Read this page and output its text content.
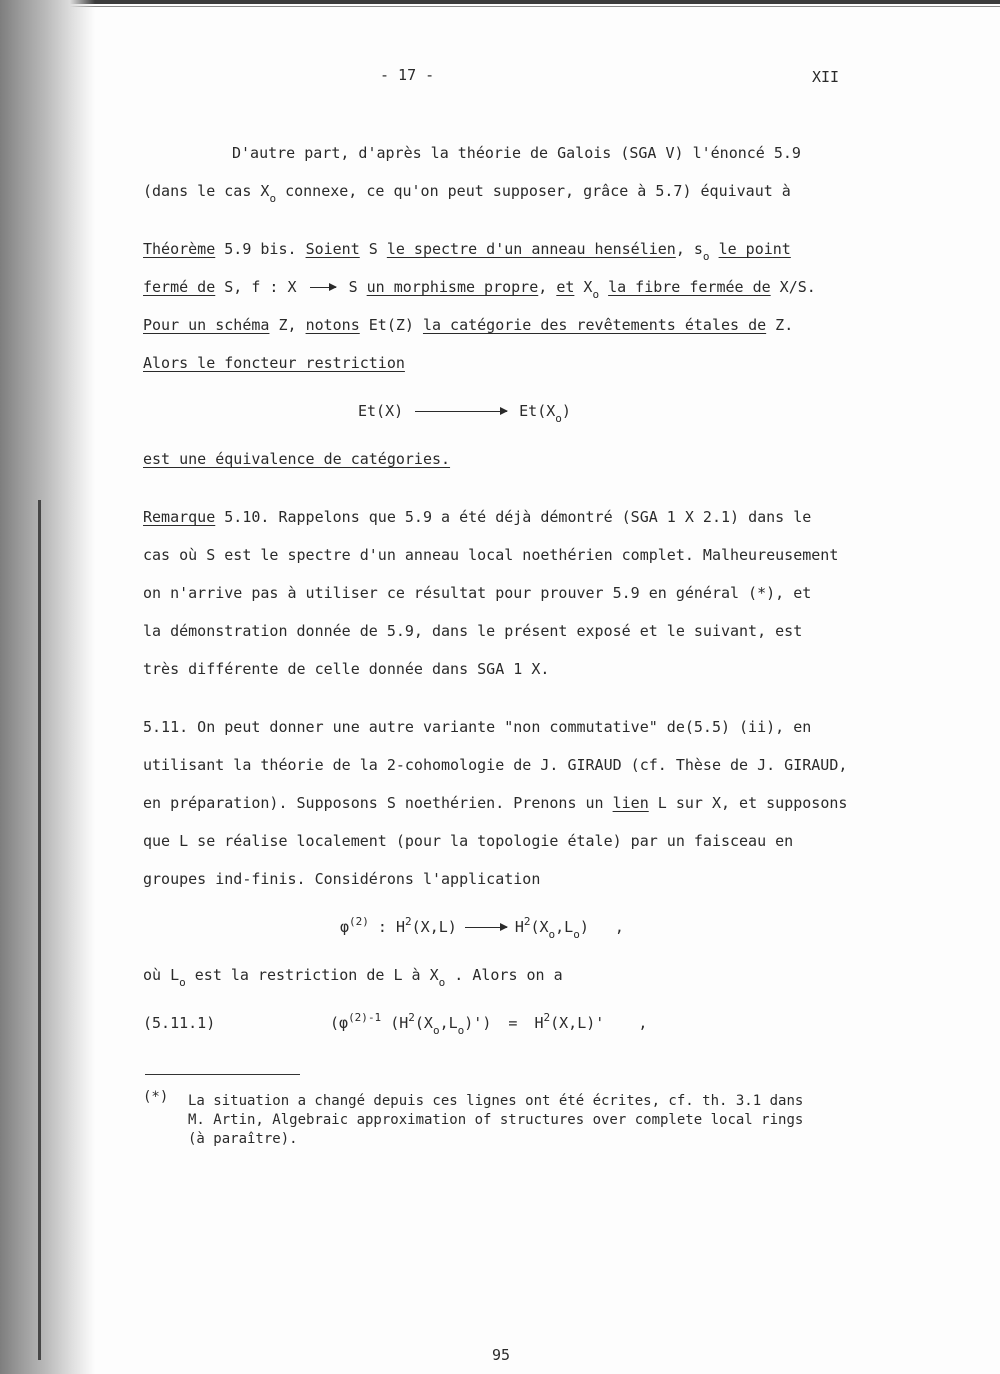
- 17 -	XII
D'autre part, d'après la théorie de Galois (SGA V) l'énoncé 5.9
(dans le cas $X_o$ connexe, ce qu'on peut supposer, grâce à 5.7) équivaut à
Théorème 5.9 bis. Soient S le spectre d'un anneau hensélien, $s_o$ le point
fermé de S, f : X  S un morphisme propre, et $X_o$ la fibre fermée de X/S.
Pour un schéma Z, notons Et(Z) la catégorie des revêtements étales de Z.
Alors le foncteur restriction
Et(X)	$Et(X_o)$
est une équivalence de catégories.
Remarque 5.10. Rappelons que 5.9 a été déjà démontré (SGA 1 X 2.1) dans le
cas où S est le spectre d'un anneau local noethérien complet. Malheureusement
on n'arrive pas à utiliser ce résultat pour prouver 5.9 en général (*), et
la démonstration donnée de 5.9, dans le présent exposé et le suivant, est
très différente de celle donnée dans SGA 1 X.
5.11. On peut donner une autre variante "non commutative" de(5.5) (ii), en
utilisant la théorie de la 2-cohomologie de J. GIRAUD (cf. Thèse de J. GIRAUD,
en préparation). Supposons S noethérien. Prenons un lien L sur X, et supposons
que L se réalise localement (pour la topologie étale) par un faisceau en
groupes ind-finis. Considérons l'application
$\varphi^{(2)}$ : $H^2(X,L)$	$H^2(X_o,L_o)$ ,
où $L_o$ est la restriction de L à $X_o$ . Alors on a
(5.11.1)	($\varphi^{(2)-1}$ $(H^2(X_o,L_o)') = H^2(X,L)'$ ,
(*) La situation a changé depuis ces lignes ont été écrites, cf. th. 3.1 dans
M. Artin, Algebraic approximation of structures over complete local rings
(à paraître).
95
